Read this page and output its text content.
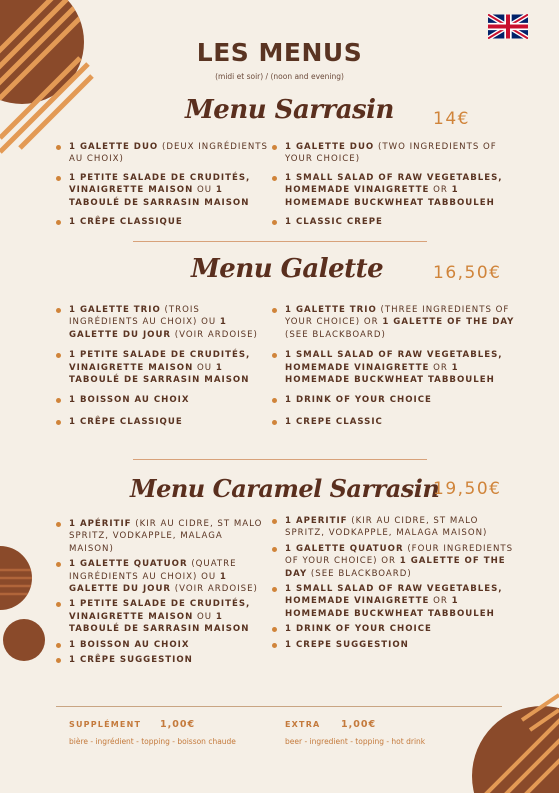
LES MENUS
(midi et soir) / (noon and evening)
Menu Sarrasin 14€
1 GALETTE DUO (DEUX INGRÉDIENTS AU CHOIX)
1 PETITE SALADE DE CRUDITÉS, VINAIGRETTE MAISON OU 1 TABOULÉ DE SARRASIN MAISON
1 CRÊPE CLASSIQUE
1 GALETTE DUO (TWO INGREDIENTS OF YOUR CHOICE)
1 SMALL SALAD OF RAW VEGETABLES, HOMEMADE VINAIGRETTE OR 1 HOMEMADE BUCKWHEAT TABBOULEH
1 CLASSIC CREPE
Menu Galette	16,50€
1 GALETTE TRIO (TROIS INGRÉDIENTS AU CHOIX) OU 1 GALETTE DU JOUR (VOIR ARDOISE)
1 PETITE SALADE DE CRUDITÉS, VINAIGRETTE MAISON OU 1 TABOULÉ DE SARRASIN MAISON
1 BOISSON AU CHOIX
1 CRÊPE CLASSIQUE
1 GALETTE TRIO (THREE INGREDIENTS OF YOUR CHOICE) OR 1 GALETTE OF THE DAY (SEE BLACKBOARD)
1 SMALL SALAD OF RAW VEGETABLES, HOMEMADE VINAIGRETTE OR 1 HOMEMADE BUCKWHEAT TABBOULEH
1 DRINK OF YOUR CHOICE
1 CREPE CLASSIC
Menu Caramel Sarrasin
19,50€
1 APÉRITIF (KIR AU CIDRE, ST MALO SPRITZ, VODKAPPLE, MALAGA MAISON)
1 GALETTE QUATUOR (QUATRE INGRÉDIENTS AU CHOIX) OU 1 GALETTE DU JOUR (VOIR ARDOISE)
1 PETITE SALADE DE CRUDITÉS, VINAIGRETTE MAISON OU 1 TABOULÉ DE SARRASIN MAISON
1 BOISSON AU CHOIX
1 CRÊPE SUGGESTION
1 APERITIF (KIR AU CIDRE, ST MALO SPRITZ, VODKAPPLE, MALAGA MAISON)
1 GALETTE QUATUOR (FOUR INGREDIENTS OF YOUR CHOICE) OR 1 GALETTE OF THE DAY (SEE BLACKBOARD)
1 SMALL SALAD OF RAW VEGETABLES, HOMEMADE VINAIGRETTE OR 1 HOMEMADE BUCKWHEAT TABBOULEH
1 DRINK OF YOUR CHOICE
1 CREPE SUGGESTION
SUPPLÉMENT 1,00€
bière - ingrédient - topping - boisson chaude
EXTRA 1,00€
beer - ingredient - topping - hot drink
